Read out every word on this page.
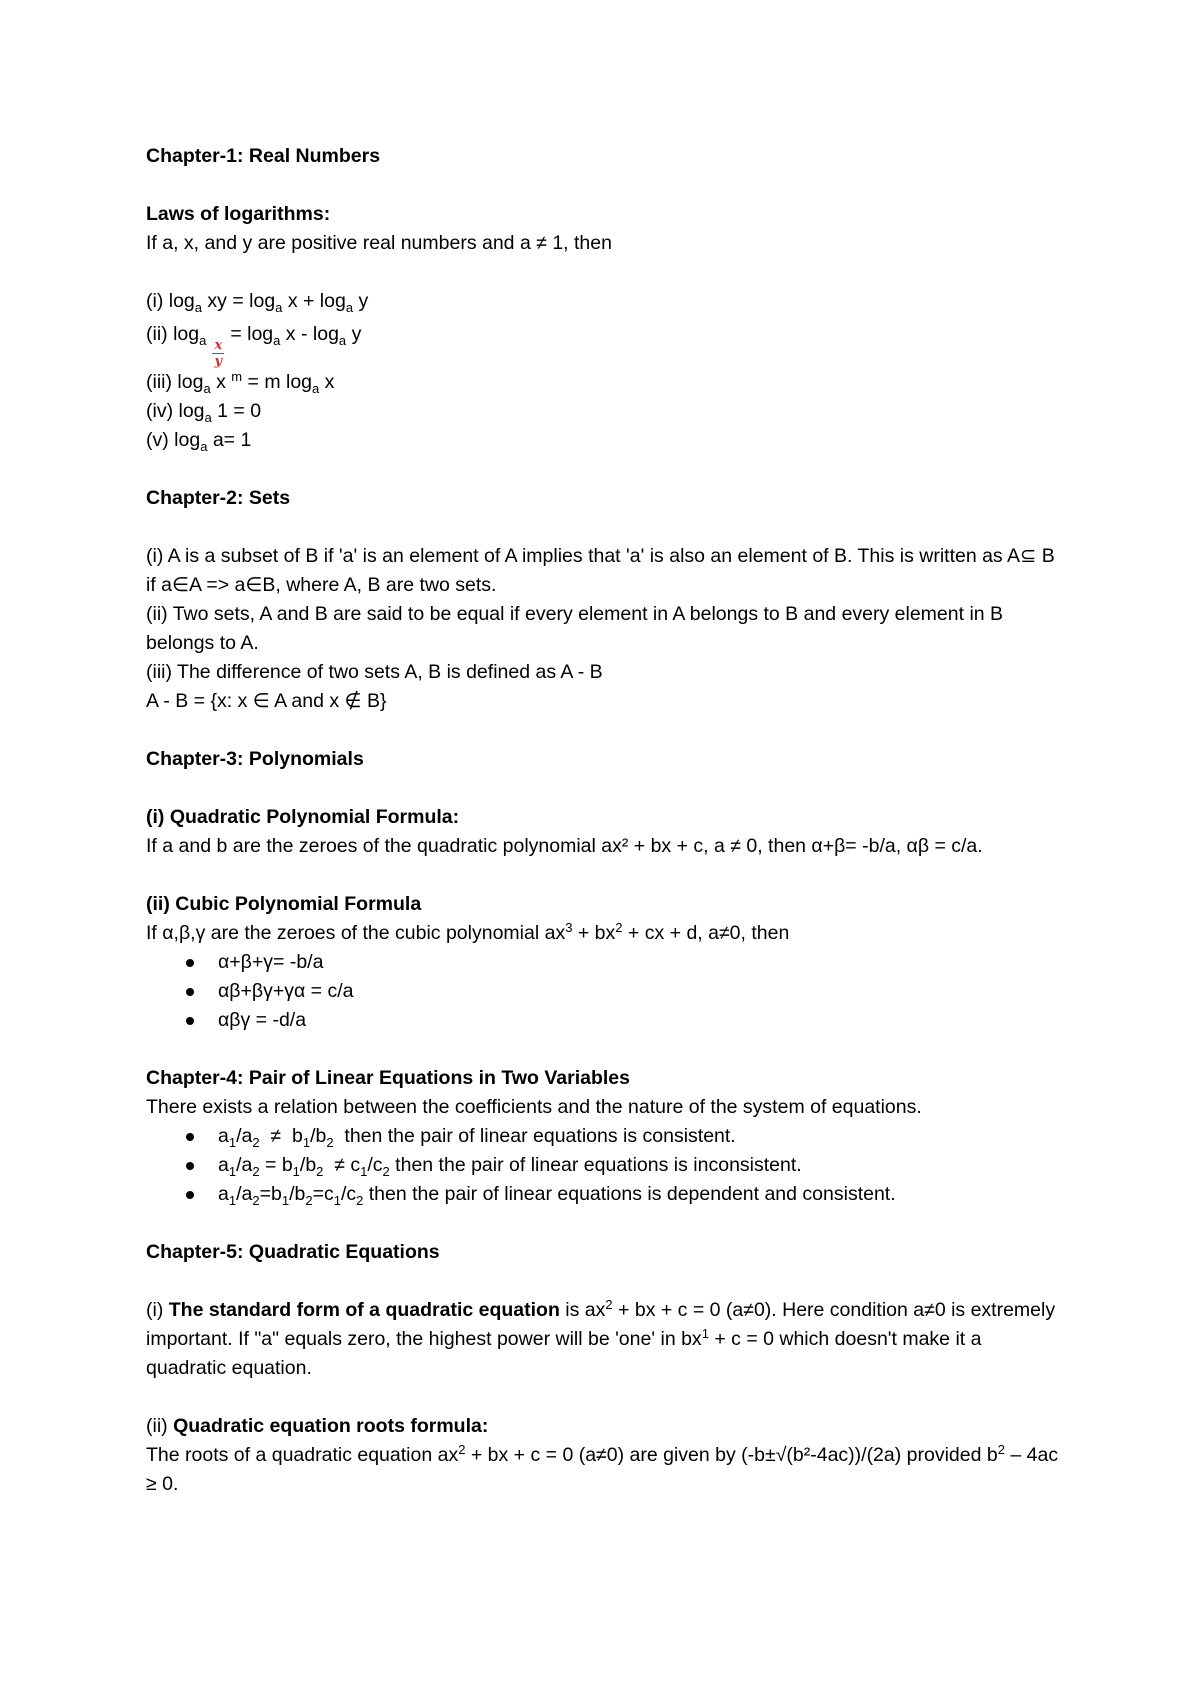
Chapter-1: Real Numbers

Laws of logarithms:

If a, x, and y are positive real numbers and a ≠ 1, then

(i) $\log_a$ xy = $\log_a x + \log_a y$

(ii) $\log_a \frac{x}{y}$
= $\log_a x - \log_a y$

(iii) $\log_a x$ $^m$ = m $\log_a x$

(iv) $\log_a 1 = 0$

(v) $\log_a a= 1$

Chapter-2: Sets

(i) A is a subset of B if 'a' is an element of A implies that 'a' is also an element of B. This is written as A⊆ B if a∈A => a∈B, where A, B are two sets.

(ii) Two sets, A and B are said to be equal if every element in A belongs to B and every element in B belongs to A.

(iii) The difference of two sets A, B is defined as A - B

A - B = {x: x ∈ A and x ∉ B}

Chapter-3: Polynomials

(i) Quadratic Polynomial Formula:

If a and b are the zeroes of the quadratic polynomial ax² + bx + c, a ≠ 0, then α+β= -b/a, αβ = c/a.

(ii) Cubic Polynomial Formula

If α,β,γ are the zeroes of the cubic polynomial $ax^3 + bx^2$ + cx + d, a≠0, then

α+β+γ= -b/a
αβ+βγ+γα = c/a
αβγ = -d/a

Chapter-4: Pair of Linear Equations in Two Variables

There exists a relation between the coefficients and the nature of the system of equations.

$a_1/a_2 \ne b_1/b_2$  then the pair of linear equations is consistent.
$a_1/a_2 = b_1/b_2 \ne c_1/c_2$ then the pair of linear equations is inconsistent.
$a_1/a_2=b_1/b_2=c_1/c_2$ then the pair of linear equations is dependent and consistent.

Chapter-5: Quadratic Equations

(i) The standard form of a quadratic equation is $ax^2$ + bx + c = 0 (a≠0). Here condition a≠0 is extremely important. If "a" equals zero, the highest power will be 'one' in $bx^1 + c = 0$ which doesn't make it a quadratic equation.

(ii) Quadratic equation roots formula:

The roots of a quadratic equation $ax^2$ + bx + c = 0 (a≠0) are given by (-b±√(b²-4ac))/(2a) provided $b^2 - 4ac \ge 0$.
